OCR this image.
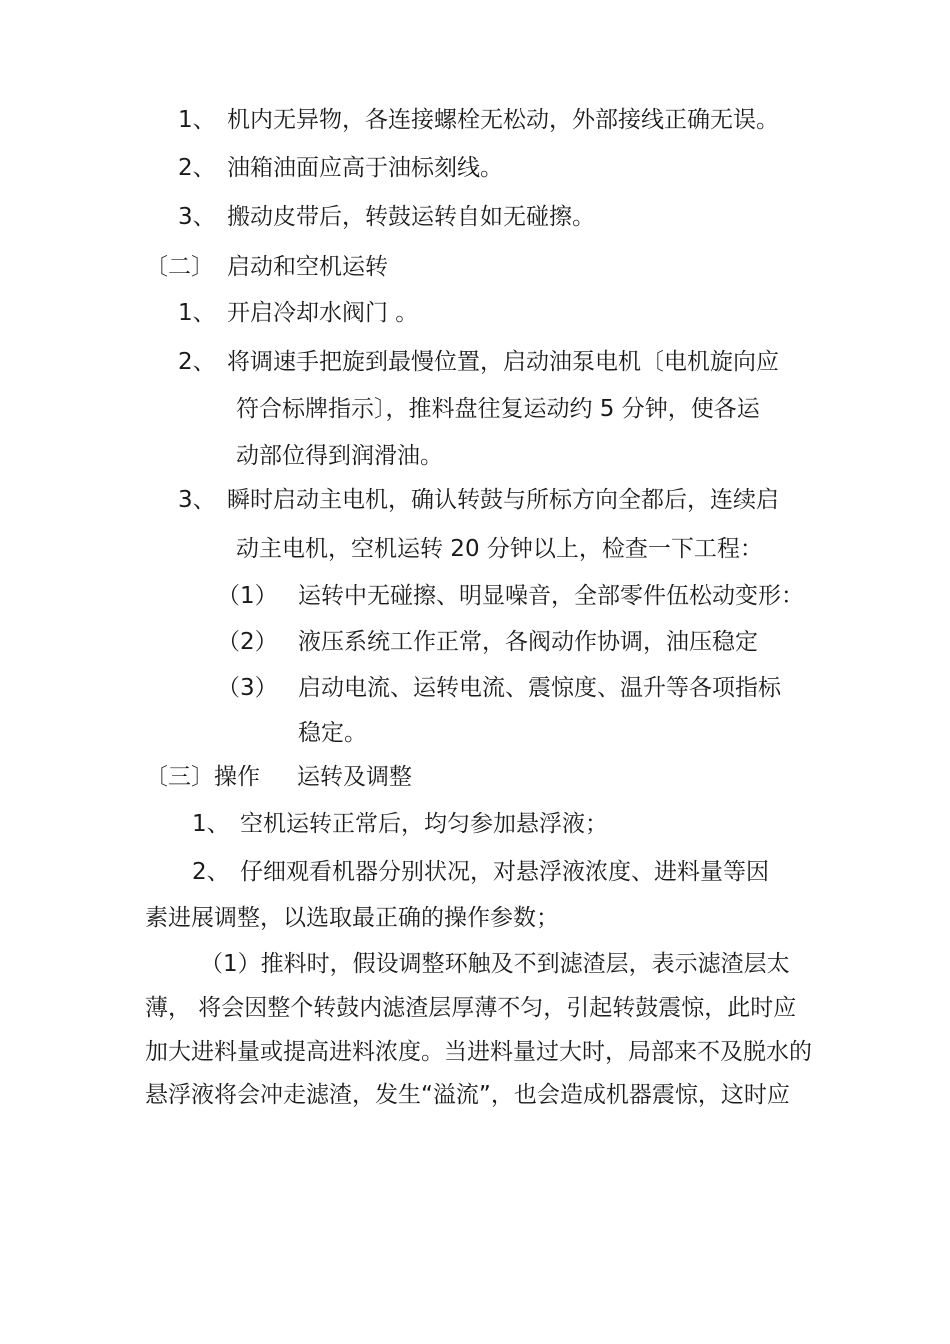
1、 机内无异物，各连接螺栓无松动，外部接线正确无误。
2、 油箱油面应高于油标刻线。
3、 搬动皮带后，转鼓运转自如无碰擦。
〔二〕 启动和空机运转
1、 开启冷却水阀门 。
2、 将调速手把旋到最慢位置，启动油泵电机〔电机旋向应
符合标牌指示〕，推料盘往复运动约 5 分钟，使各运
动部位得到润滑油。
3、 瞬时启动主电机，确认转鼓与所标方向全都后，连续启
动主电机，空机运转 20 分钟以上，检查一下工程：
（1） 运转中无碰擦、明显噪音，全部零件伍松动变形：
（2） 液压系统工作正常，各阀动作协调，油压稳定
（3） 启动电流、运转电流、震惊度、温升等各项指标
稳定。
〔三〕操作 运转及调整
1、 空机运转正常后，均匀参加悬浮液；
2、 仔细观看机器分别状况，对悬浮液浓度、进料量等因
素进展调整，以选取最正确的操作参数；
（1）推料时，假设调整环触及不到滤渣层，表示滤渣层太
薄， 将会因整个转鼓内滤渣层厚薄不匀，引起转鼓震惊，此时应
加大进料量或提高进料浓度。当进料量过大时，局部来不及脱水的
悬浮液将会冲走滤渣，发生“溢流”，也会造成机器震惊，这时应
